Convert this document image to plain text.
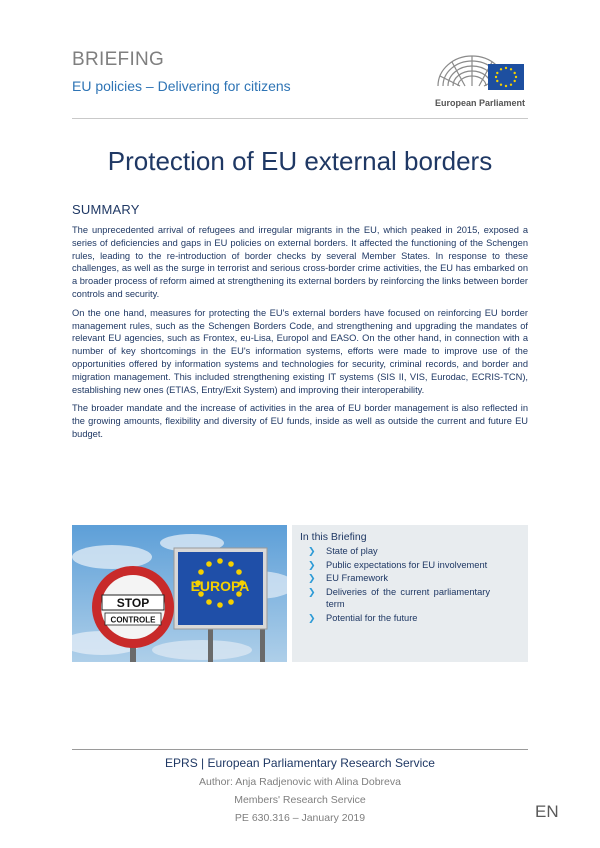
BRIEFING
EU policies – Delivering for citizens
European Parliament
Protection of EU external borders
SUMMARY

The unprecedented arrival of refugees and irregular migrants in the EU, which peaked in 2015, exposed a series of deficiencies and gaps in EU policies on external borders. It affected the functioning of the Schengen rules, leading to the re-introduction of border checks by several Member States. In response to these challenges, as well as the surge in terrorist and serious cross-border crime activities, the EU has embarked on a broader process of reform aimed at strengthening its external borders by reinforcing the links between border controls and security.

On the one hand, measures for protecting the EU's external borders have focused on reinforcing EU border management rules, such as the Schengen Borders Code, and strengthening and upgrading the mandates of relevant EU agencies, such as Frontex, eu-Lisa, Europol and EASO. On the other hand, in connection with a number of key shortcomings in the EU's information systems, efforts were made to improve use of the opportunities offered by information systems and technologies for security, criminal records, and border and migration management. This included strengthening existing IT systems (SIS II, VIS, Eurodac, ECRIS-TCN), establishing new ones (ETIAS, Entry/Exit System) and improving their interoperability.

The broader mandate and the increase of activities in the area of EU border management is also reflected in the growing amounts, flexibility and diversity of EU funds, inside as well as outside the current and future EU budget.

EUROPA
STOP
CONTROLE
In this Briefing
❯ State of play
❯ Public expectations for EU involvement
❯ EU Framework
❯ Deliveries of the current parliamentary term
❯ Potential for the future
EPRS | European Parliamentary Research Service
Author: Anja Radjenovic with Alina Dobreva
Members' Research Service
PE 630.316 – January 2019	EN
